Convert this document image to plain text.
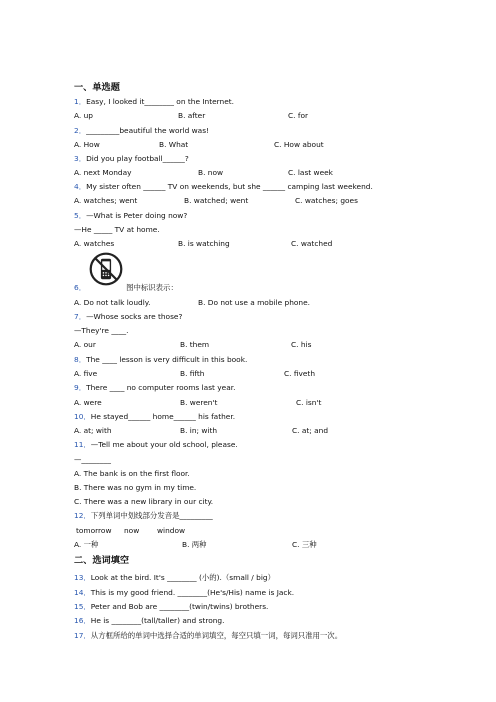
一、单选题
1．Easy, I looked it________ on the Internet.
A. up	B. after	C. for
2．_________beautiful the world was!
A. How	B. What	C. How about
3．Did you play football______?
A. next Monday	B. now	C. last week
4．My sister often ______ TV on weekends, but she ______ camping last weekend.
A. watches; went	B. watched; went	C. watches; goes
5．—What is Peter doing now?
—He _____ TV at home.
A. watches	B. is watching	C. watched
6．	图中标识表示：
A. Do not talk loudly.	B. Do not use a mobile phone.
7．—Whose socks are those?
—They're ____.
A. our	B. them	C. his
8．The ____ lesson is very difficult in this book.
A. five	B. fifth	C. fiveth
9．There ____ no computer rooms last year.
A. were	B. weren't	C. isn't
10．He stayed______ home______ his father.
A. at; with	B. in; with	C. at; and
11．—Tell me about your old school, please.
—________
A. The bank is on the first floor.
B. There was no gym in my time.
C. There was a new library in our city.
12．下列单词中划线部分发音是_________
tomorrow now window
A. 一种	B. 两种	C. 三种
二、选词填空
13．Look at the bird. It's ________ (小的).（small / big）
14．This is my good friend. ________(He's/His) name is Jack.
15．Peter and Bob are ________(twin/twins) brothers.
16．He is ________(tall/taller) and strong.
17．从方框所给的单词中选择合适的单词填空，每空只填一词，每词只准用一次。
